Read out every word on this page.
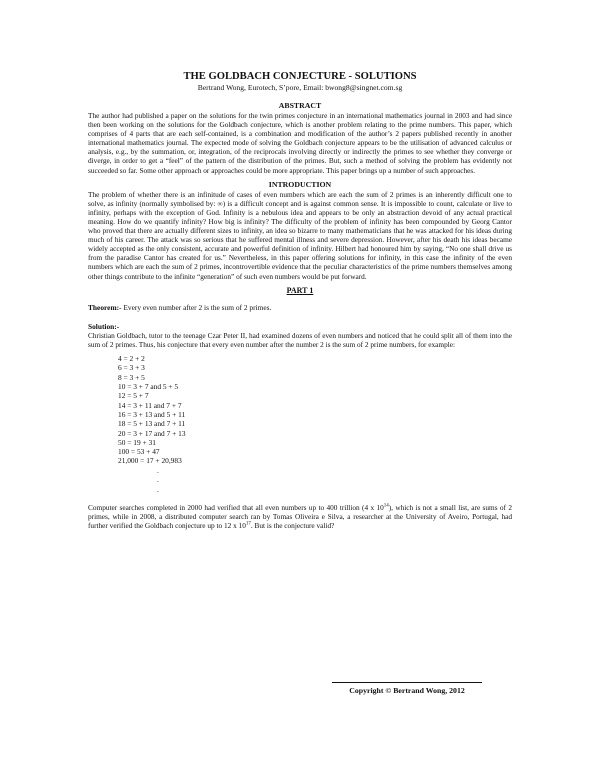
THE GOLDBACH CONJECTURE - SOLUTIONS

Bertrand Wong, Eurotech, S’pore, Email: bwong8@singnet.com.sg

ABSTRACT

The author had published a paper on the solutions for the twin primes conjecture in an international mathematics journal in 2003 and had since then been working on the solutions for the Goldbach conjecture, which is another problem relating to the prime numbers. This paper, which comprises of 4 parts that are each self-contained, is a combination and modification of the author’s 2 papers published recently in another international mathematics journal. The expected mode of solving the Goldbach conjecture appears to be the utilisation of advanced calculus or analysis, e.g., by the summation, or, integration, of the reciprocals involving directly or indirectly the primes to see whether they converge or diverge, in order to get a “feel” of the pattern of the distribution of the primes. But, such a method of solving the problem has evidently not succeeded so far. Some other approach or approaches could be more appropriate. This paper brings up a number of such approaches.

INTRODUCTION

The problem of whether there is an infinitude of cases of even numbers which are each the sum of 2 primes is an inherently difficult one to solve, as infinity (normally symbolised by: ∞) is a difficult concept and is against common sense. It is impossible to count, calculate or live to infinity, perhaps with the exception of God. Infinity is a nebulous idea and appears to be only an abstraction devoid of any actual practical meaning. How do we quantify infinity? How big is infinity? The difficulty of the problem of infinity has been compounded by Georg Cantor who proved that there are actually different sizes to infinity, an idea so bizarre to many mathematicians that he was attacked for his ideas during much of his career. The attack was so serious that he suffered mental illness and severe depression. However, after his death his ideas became widely accepted as the only consistent, accurate and powerful definition of infinity. Hilbert had honoured him by saying, “No one shall drive us from the paradise Cantor has created for us.” Nevertheless, in this paper offering solutions for infinity, in this case the infinity of the even numbers which are each the sum of 2 primes, incontrovertible evidence that the peculiar characteristics of the prime numbers themselves among other things contribute to the infinite “generation” of such even numbers would be put forward.

PART 1

Theorem:- Every even number after 2 is the sum of 2 primes.

Solution:-

Christian Goldbach, tutor to the teenage Czar Peter II, had examined dozens of even numbers and noticed that he could split all of them into the sum of 2 primes. Thus, his conjecture that every even number after the number 2 is the sum of 2 prime numbers, for example:

4 = 2 + 2
6 = 3 + 3
8 = 3 + 5
10 = 3 + 7 and 5 + 5
12 = 5 + 7
14 = 3 + 11 and 7 + 7
16 = 3 + 13 and 5 + 11
18 = 5 + 13 and 7 + 11
20 = 3 + 17 and 7 + 13
50 = 19 + 31
100 = 53 + 47
21,000 = 17 + 20,983
.
.
.

Computer searches completed in 2000 had verified that all even numbers up to 400 trillion (4 x $10^{14}$), which is not a small list, are sums of 2 primes, while in 2008, a distributed computer search ran by Tomas Oliveira e Silva, a researcher at the University of Aveiro, Portugal, had further verified the Goldbach conjecture up to 12 x $10^{17}$. But is the conjecture valid?

Copyright © Bertrand Wong, 2012
